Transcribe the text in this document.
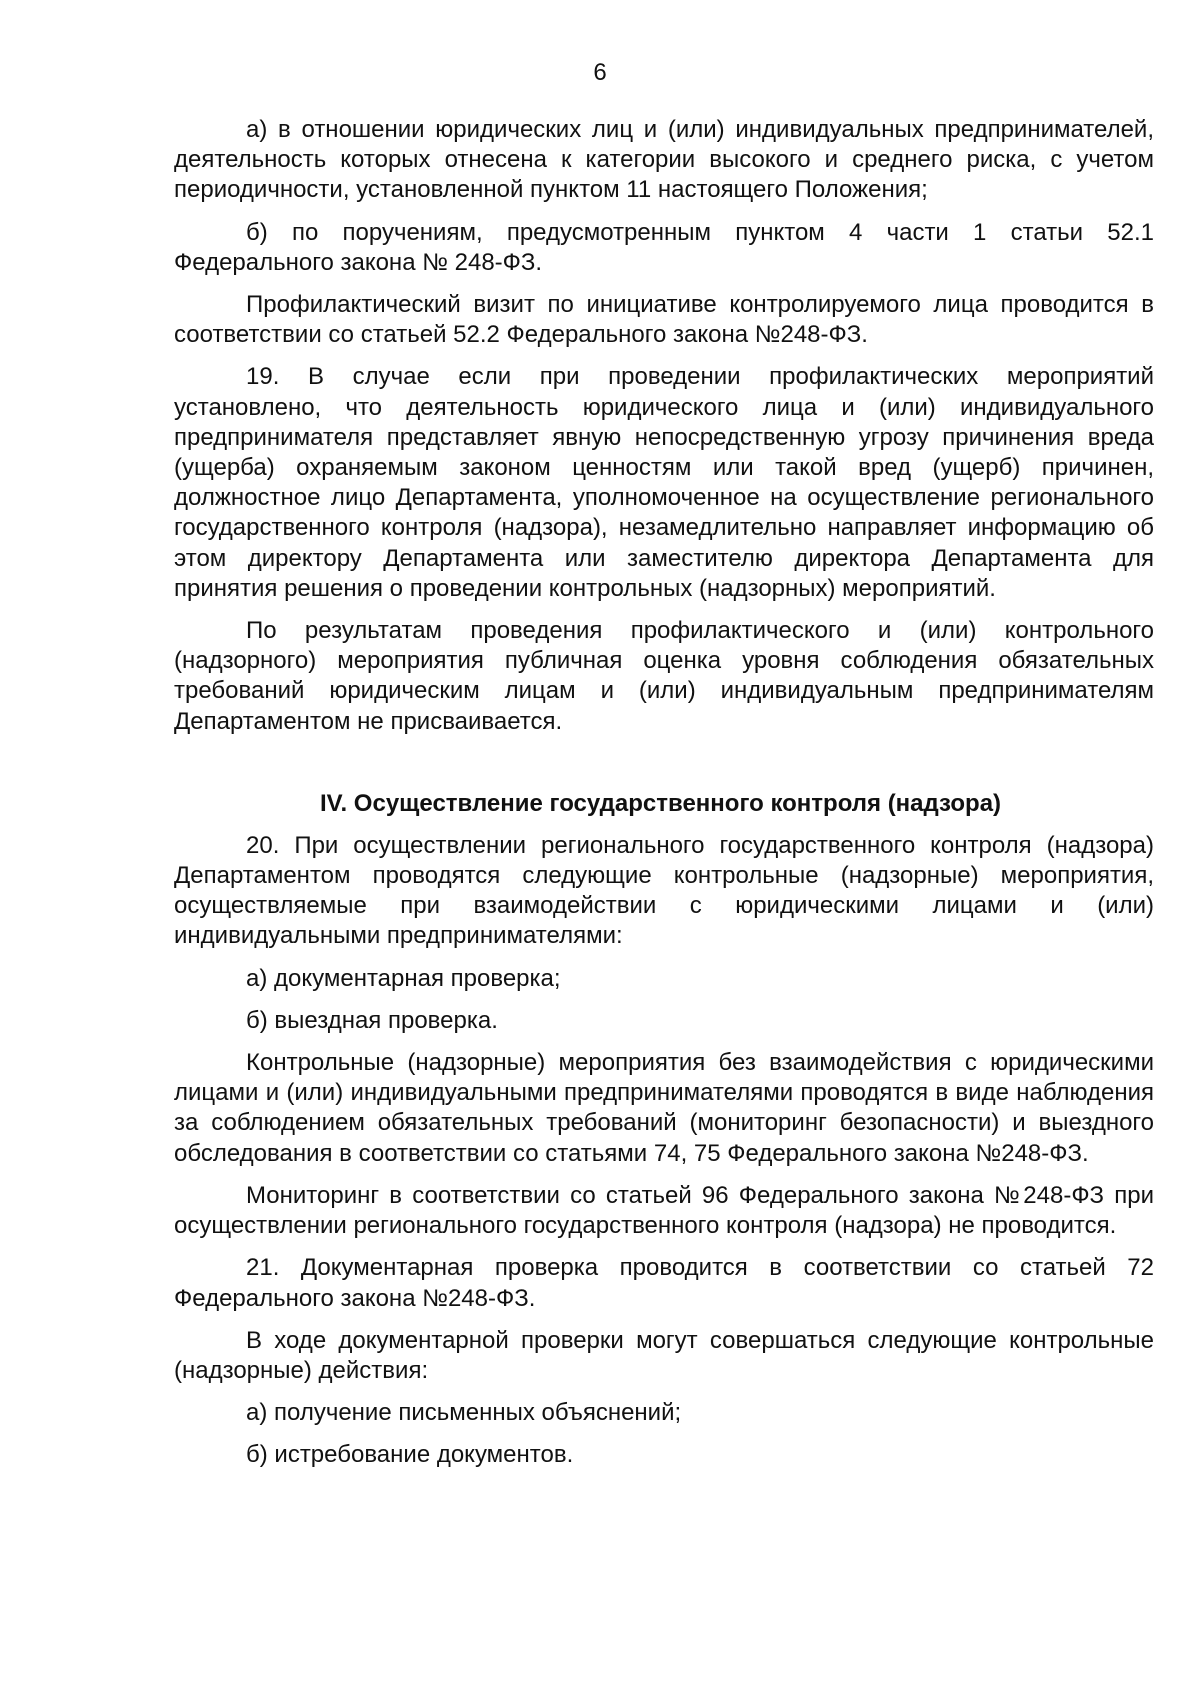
6

а) в отношении юридических лиц и (или) индивидуальных предпринимателей, деятельность которых отнесена к категории высокого и среднего риска, с учетом периодичности, установленной пунктом 11 настоящего Положения;

б) по поручениям, предусмотренным пунктом 4 части 1 статьи 52.1 Федерального закона № 248-ФЗ.

Профилактический визит по инициативе контролируемого лица проводится в соответствии со статьей 52.2 Федерального закона №248-ФЗ.

19. В случае если при проведении профилактических мероприятий установлено, что деятельность юридического лица и (или) индивидуального предпринимателя представляет явную непосредственную угрозу причинения вреда (ущерба) охраняемым законом ценностям или такой вред (ущерб) причинен, должностное лицо Департамента, уполномоченное на осуществление регионального государственного контроля (надзора), незамедлительно направляет информацию об этом директору Департамента или заместителю директора Департамента для принятия решения о проведении контрольных (надзорных) мероприятий.

По результатам проведения профилактического и (или) контрольного (надзорного) мероприятия публичная оценка уровня соблюдения обязательных требований юридическим лицам и (или) индивидуальным предпринимателям Департаментом не присваивается.

IV. Осуществление государственного контроля (надзора)

20. При осуществлении регионального государственного контроля (надзора) Департаментом проводятся следующие контрольные (надзорные) мероприятия, осуществляемые при взаимодействии с юридическими лицами и (или) индивидуальными предпринимателями:

а) документарная проверка;

б) выездная проверка.

Контрольные (надзорные) мероприятия без взаимодействия с юридическими лицами и (или) индивидуальными предпринимателями проводятся в виде наблюдения за соблюдением обязательных требований (мониторинг безопасности) и выездного обследования в соответствии со статьями 74, 75 Федерального закона №248-ФЗ.

Мониторинг в соответствии со статьей 96 Федерального закона №248-ФЗ при осуществлении регионального государственного контроля (надзора) не проводится.

21. Документарная проверка проводится в соответствии со статьей 72 Федерального закона №248-ФЗ.

В ходе документарной проверки могут совершаться следующие контрольные (надзорные) действия:

а) получение письменных объяснений;

б) истребование документов.
